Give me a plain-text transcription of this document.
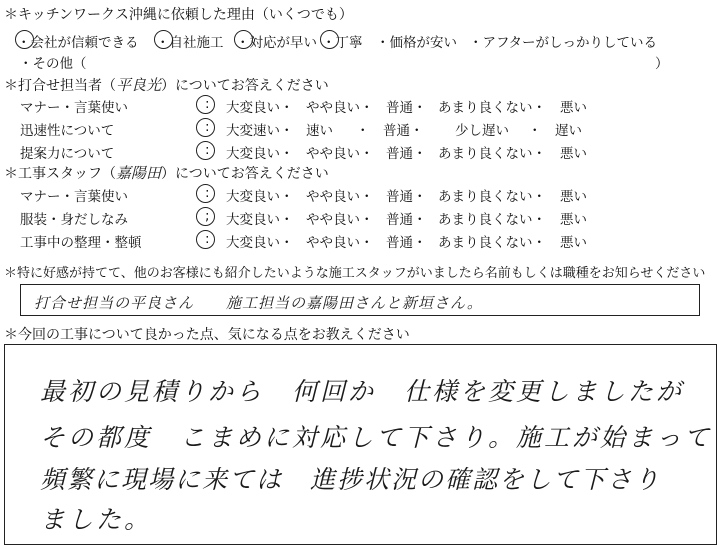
＊キッチンワークス沖縄に依頼した理由（いくつでも）
・会社が信頼できる ・自社施工 ・対応が早い ・丁寧 ・価格が安い ・アフターがしっかりしている
・その他（	）
＊打合せ担当者（平良光）についてお答えください
マナー・言葉使い	: 大変良い・ やや良い・ 普通・ あまり良くない・ 悪い
迅速性について	: 大変速い・ 速い ・　普通・ 少し遅い ・　遅い
提案力について	: 大変良い・ やや良い・ 普通・ あまり良くない・ 悪い
＊工事スタッフ（嘉陽田）についてお答えください
マナー・言葉使い	: 大変良い・ やや良い・ 普通・ あまり良くない・ 悪い
服装・身だしなみ	; 大変良い・ やや良い・ 普通・ あまり良くない・ 悪い
工事中の整理・整頓	: 大変良い・ やや良い・ 普通・ あまり良くない・ 悪い
＊特に好感が持てて、他のお客様にも紹介したいような施工スタッフがいましたら名前もしくは職種をお知らせください
打合せ担当の平良さん　　施工担当の嘉陽田さんと新垣さん。
＊今回の工事について良かった点、気になる点をお教えください
最初の見積りから　何回か　仕様を変更しましたが
その都度　こまめに対応して下さり。施工が始まって
頻繁に現場に来ては　進捗状況の確認をして下さり
ました。
